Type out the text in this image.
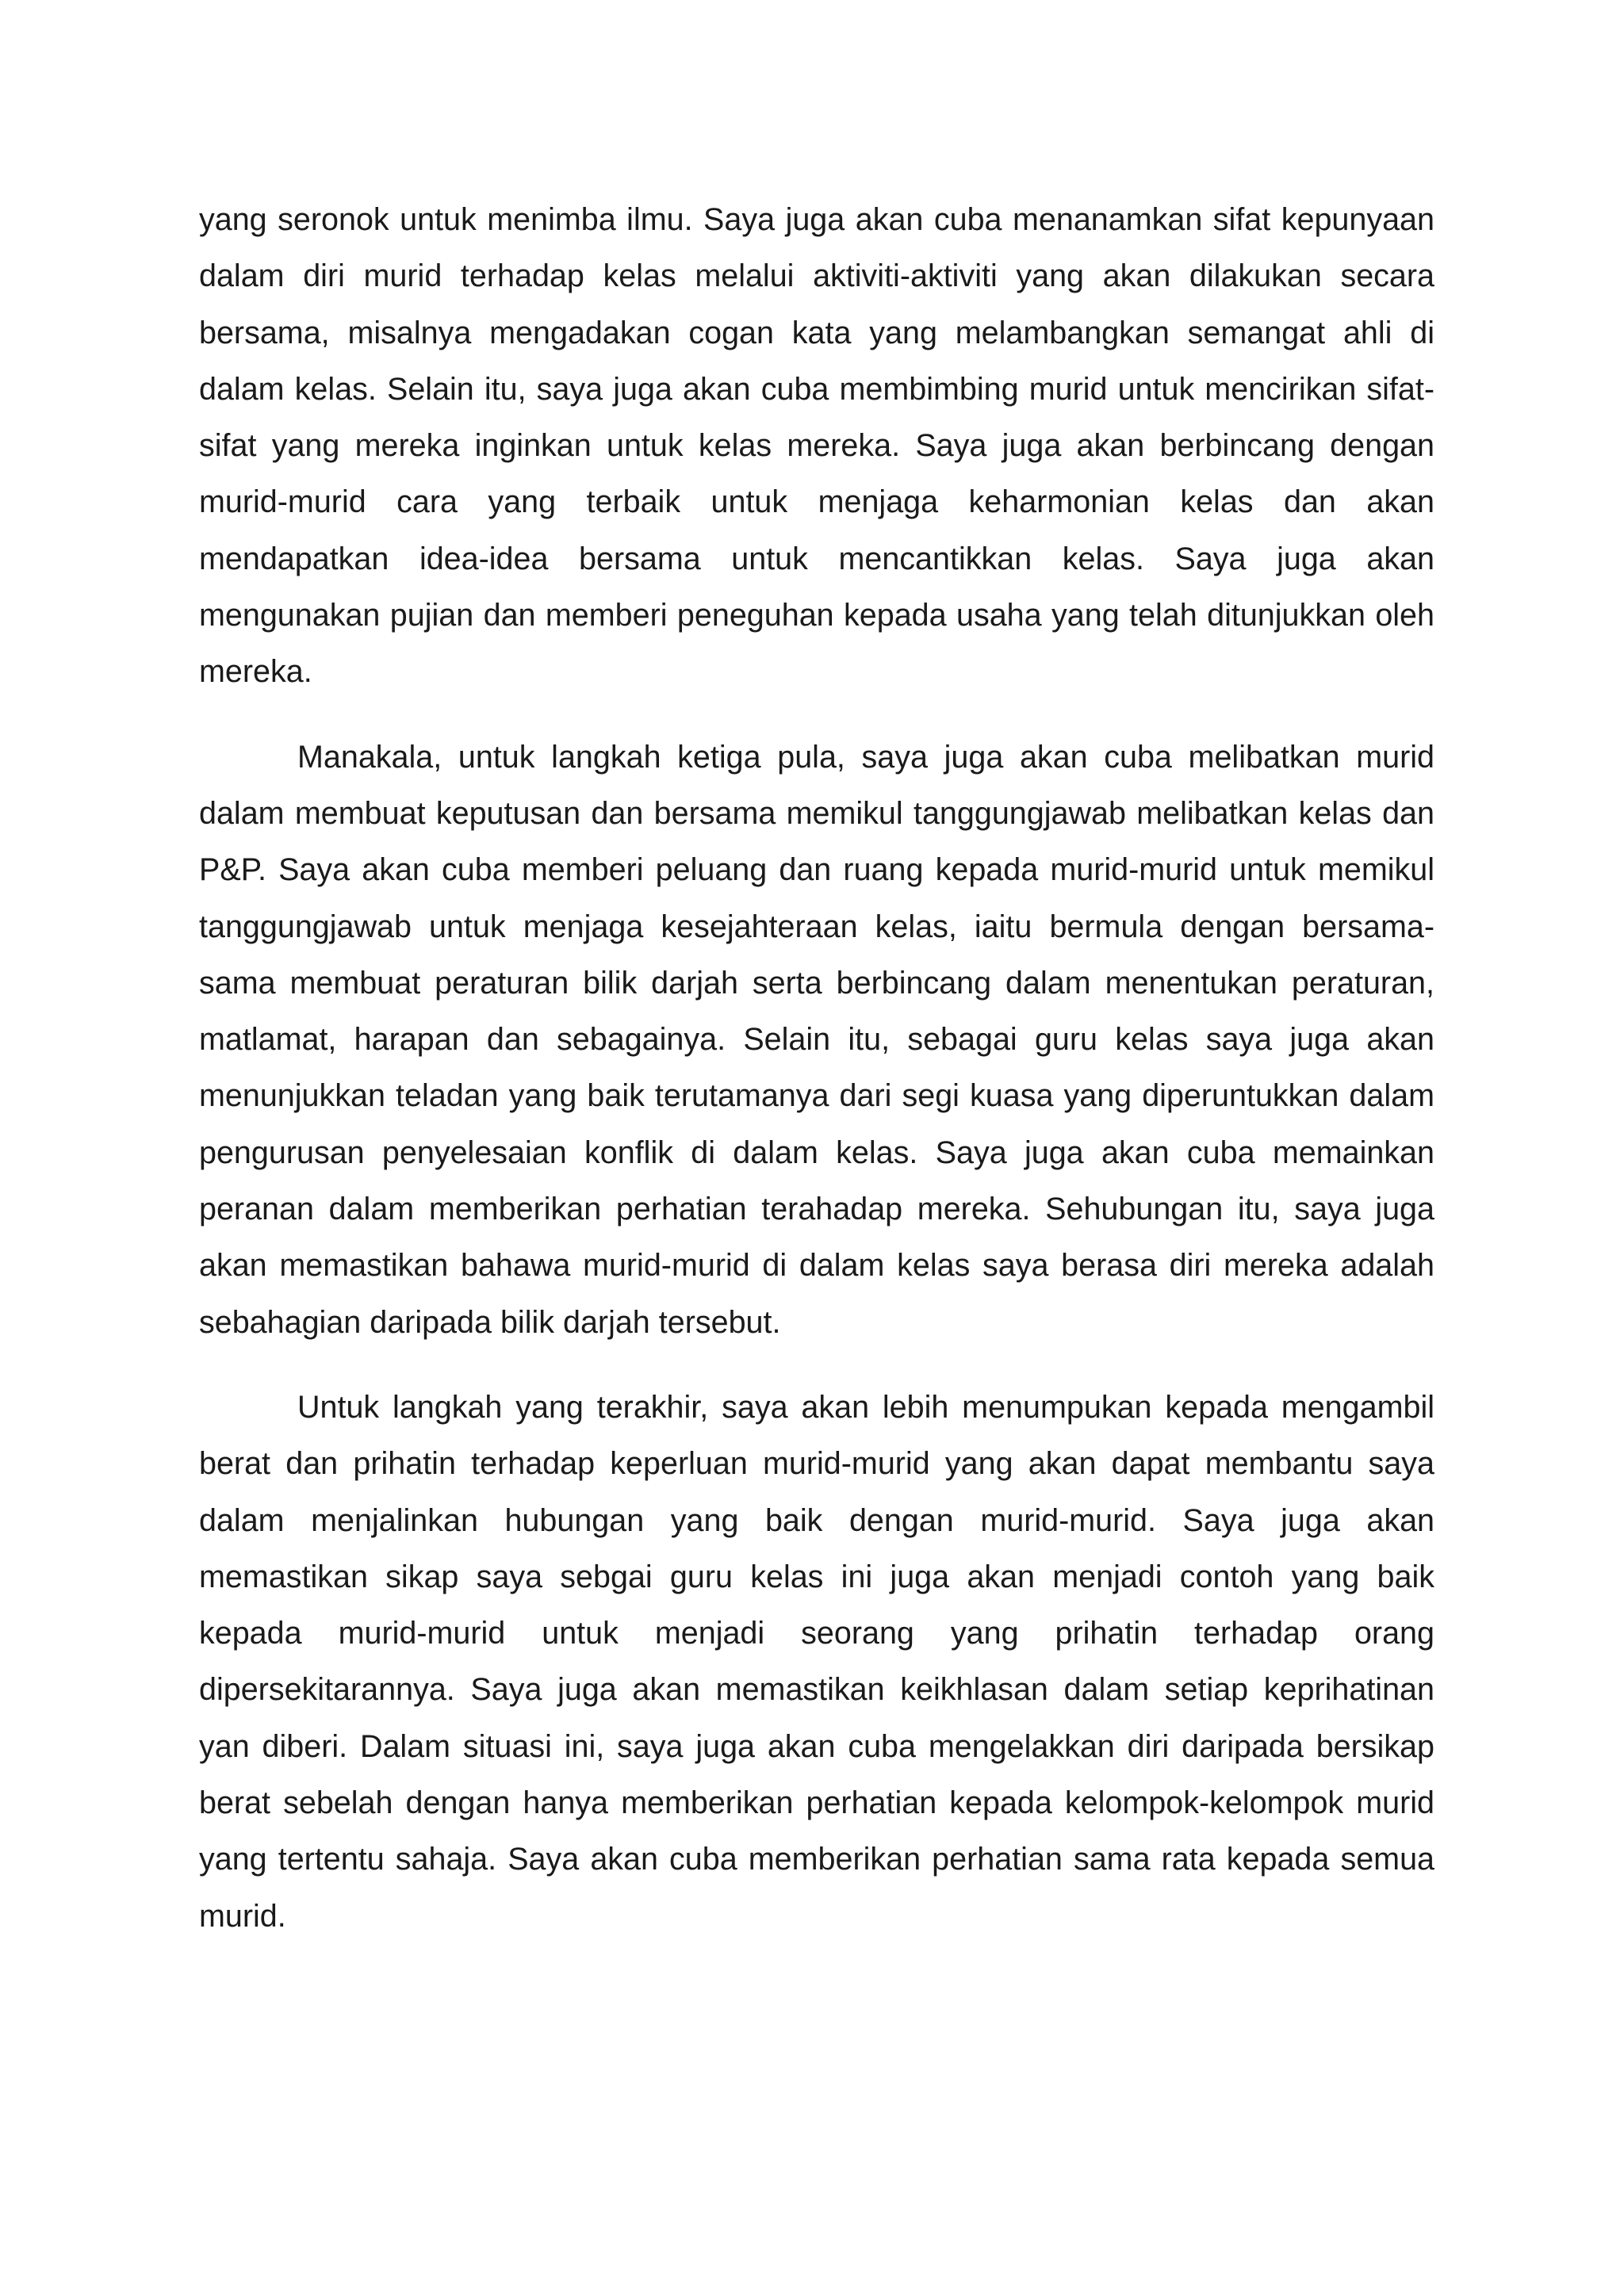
yang seronok untuk menimba ilmu. Saya juga akan cuba menanamkan sifat kepunyaan dalam diri murid terhadap kelas melalui aktiviti-aktiviti yang akan dilakukan secara bersama, misalnya mengadakan cogan kata yang melambangkan semangat ahli di dalam kelas. Selain itu, saya juga akan cuba membimbing murid untuk mencirikan sifat-sifat yang mereka inginkan untuk kelas mereka. Saya juga akan berbincang dengan murid-murid cara yang terbaik untuk menjaga keharmonian kelas dan akan mendapatkan idea-idea bersama untuk mencantikkan kelas. Saya juga akan mengunakan pujian dan memberi peneguhan kepada usaha yang telah ditunjukkan oleh mereka.

Manakala, untuk langkah ketiga pula, saya juga akan cuba melibatkan murid dalam membuat keputusan dan bersama memikul tanggungjawab melibatkan kelas dan P&P. Saya akan cuba memberi peluang dan ruang kepada murid-murid untuk memikul tanggungjawab untuk menjaga kesejahteraan kelas, iaitu bermula dengan bersama-sama membuat peraturan bilik darjah serta berbincang dalam menentukan peraturan, matlamat, harapan dan sebagainya. Selain itu, sebagai guru kelas saya juga akan menunjukkan teladan yang baik terutamanya dari segi kuasa yang diperuntukkan dalam pengurusan penyelesaian konflik di dalam kelas. Saya juga akan cuba memainkan peranan dalam memberikan perhatian terahadap mereka. Sehubungan itu, saya juga akan memastikan bahawa murid-murid di dalam kelas saya berasa diri mereka adalah sebahagian daripada bilik darjah tersebut.

Untuk langkah yang terakhir, saya akan lebih menumpukan kepada mengambil berat dan prihatin terhadap keperluan murid-murid yang akan dapat membantu saya dalam menjalinkan hubungan yang baik dengan murid-murid. Saya juga akan memastikan sikap saya sebgai guru kelas ini juga akan menjadi contoh yang baik kepada murid-murid untuk menjadi seorang yang prihatin terhadap orang dipersekitarannya. Saya juga akan memastikan keikhlasan dalam setiap keprihatinan yan diberi. Dalam situasi ini, saya juga akan cuba mengelakkan diri daripada bersikap berat sebelah dengan hanya memberikan perhatian kepada kelompok-kelompok murid yang tertentu sahaja. Saya akan cuba memberikan perhatian sama rata kepada semua murid.
